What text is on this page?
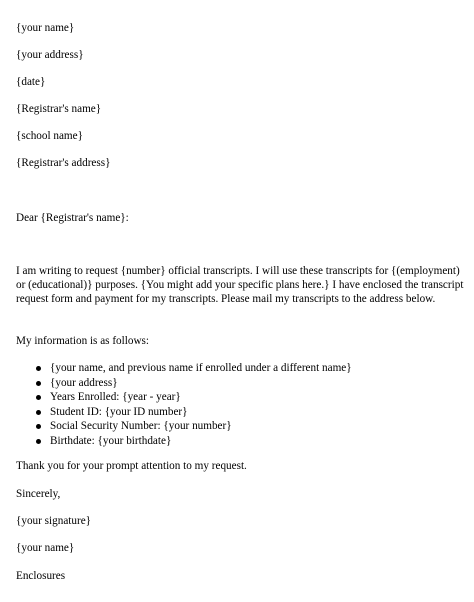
{your name}
{your address}
{date}
{Registrar's name}
{school name}
{Registrar's address}
Dear {Registrar's name}:
I am writing to request {number} official transcripts. I will use these transcripts for {(employment) or (educational)} purposes. {You might add your specific plans here.} I have enclosed the transcript request form and payment for my transcripts. Please mail my transcripts to the address below.
My information is as follows:
{your name, and previous name if enrolled under a different name}
{your address}
Years Enrolled: {year - year}
Student ID: {your ID number}
Social Security Number: {your number}
Birthdate: {your birthdate}
Thank you for your prompt attention to my request.
Sincerely,
{your signature}
{your name}
Enclosures
